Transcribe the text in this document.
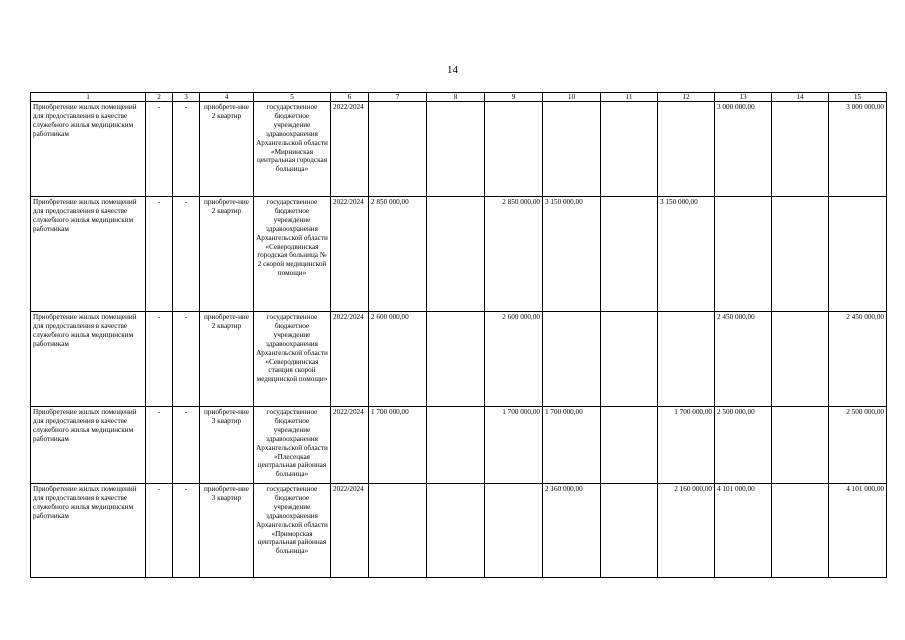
14
1	2	3	4	5	6	7	8	9	10	11	12	13	14	15
Приобретение жилых помещений для предоставления в качестве служебного жилья медицинским работникам	-	-	приобрете-ние 2 квартир	государственное бюджетное учреждение здравоохранения Архангельской области «Мирнинская центральная городская больница»	2022/2024							3 000 000,00		3 000 000,00
Приобретение жилых помещений для предоставления в качестве служебного жилья медицинским работникам	-	-	приобрете-ние 2 квартир	государственное бюджетное учреждение здравоохранения Архангельской области «Северодвинская городская больница № 2 скорой медицинской помощи»	2022/2024	2 850 000,00		2 850 000,00	3 150 000,00		3 150 000,00			
Приобретение жилых помещений для предоставления в качестве служебного жилья медицинским работникам	-	-	приобрете-ние 2 квартир	государственное бюджетное учреждение здравоохранения Архангельской области «Северодвинская станция скорой медицинской помощи»	2022/2024	2 600 000,00		2 600 000,00				2 450 000,00		2 450 000,00
Приобретение жилых помещений для предоставления в качестве служебного жилья медицинским работникам	-	-	приобрете-ние 3 квартир	государственное бюджетное учреждение здравоохранения Архангельской области «Плесецкая центральная районная больница»	2022/2024	1 700 000,00		1 700 000,00	1 700 000,00		1 700 000,00	2 500 000,00		2 500 000,00
Приобретение жилых помещений для предоставления в качестве служебного жилья медицинским работникам	-	-	приобрете-ние 3 квартир	государственное бюджетное учреждение здравоохранения Архангельской области «Приморская центральная районная больница»	2022/2024				2 160 000,00		2 160 000,00	4 101 000,00		4 101 000,00
